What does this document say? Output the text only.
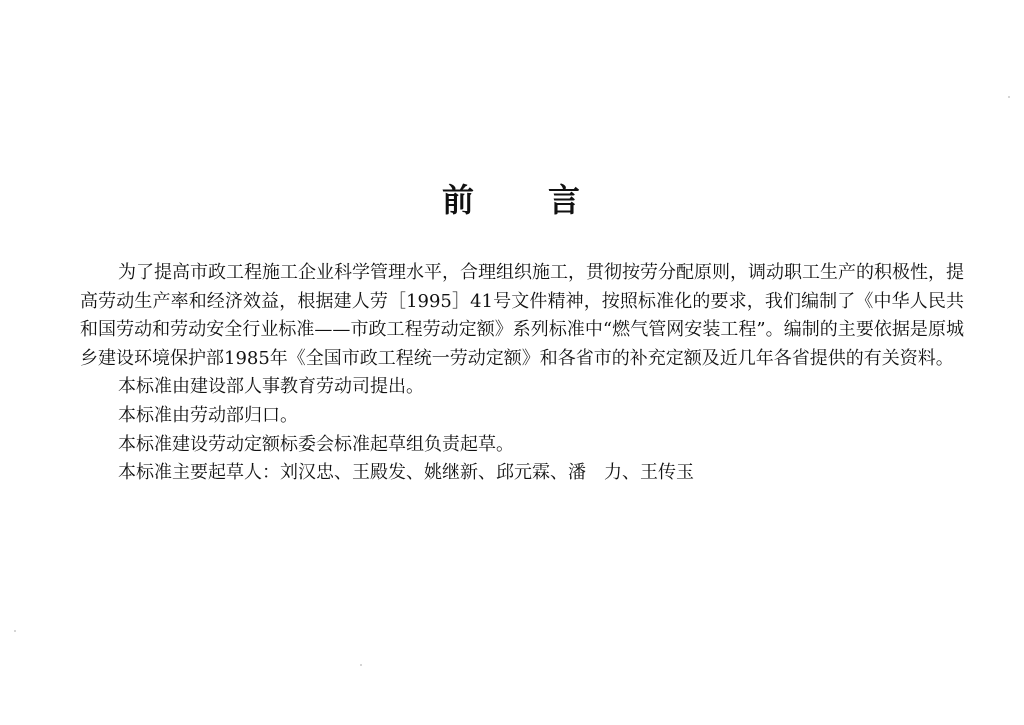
前 言

为了提高市政工程施工企业科学管理水平，合理组织施工，贯彻按劳分配原则，调动职工生产的积极性，提高劳动生产率和经济效益，根据建人劳［1995］41号文件精神，按照标准化的要求，我们编制了《中华人民共和国劳动和劳动安全行业标准——市政工程劳动定额》系列标准中“燃气管网安装工程”。编制的主要依据是原城乡建设环境保护部1985年《全国市政工程统一劳动定额》和各省市的补充定额及近几年各省提供的有关资料。

本标准由建设部人事教育劳动司提出。

本标准由劳动部归口。

本标准建设劳动定额标委会标准起草组负责起草。

本标准主要起草人：刘汉忠、王殿发、姚继新、邱元霖、潘　力、王传玉
